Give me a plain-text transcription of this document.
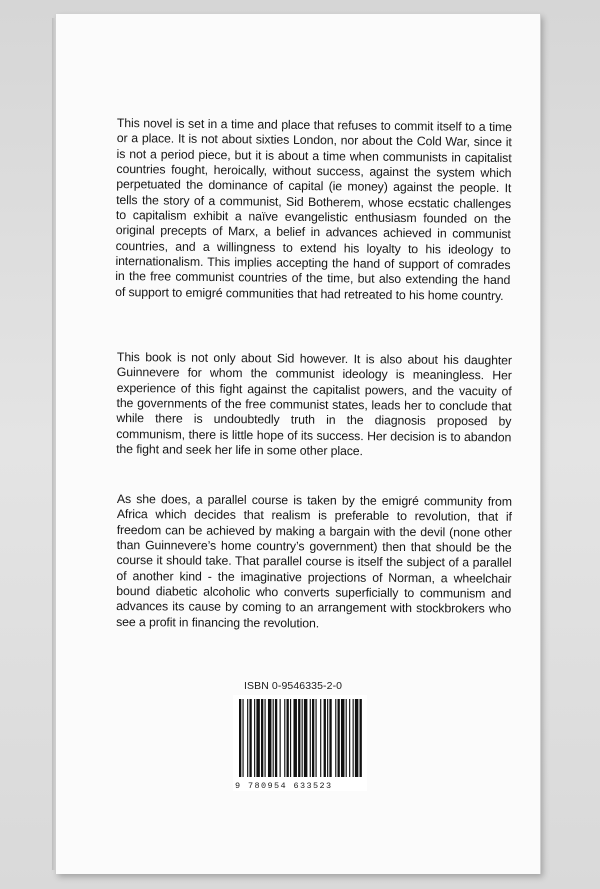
This novel is set in a time and place that refuses to commit itself to a time or a place. It is not about sixties London, nor about the Cold War, since it is not a period piece, but it is about a time when communists in capitalist countries fought, heroically, without success, against the system which perpetuated the dominance of capital (ie money) against the people. It tells the story of a communist, Sid Botherem, whose ecstatic challenges to capitalism exhibit a naïve evangelistic enthusiasm founded on the original precepts of Marx, a belief in advances achieved in communist countries, and a willingness to extend his loyalty to his ideology to internationalism. This implies accepting the hand of support of comrades in the free communist countries of the time, but also extending the hand of support to emigré communities that had retreated to his home country.

This book is not only about Sid however. It is also about his daughter Guinnevere for whom the communist ideology is meaningless. Her experience of this fight against the capitalist powers, and the vacuity of the governments of the free communist states, leads her to conclude that while there is undoubtedly truth in the diagnosis proposed by communism, there is little hope of its success. Her decision is to abandon the fight and seek her life in some other place.

As she does, a parallel course is taken by the emigré community from Africa which decides that realism is preferable to revolution, that if freedom can be achieved by making a bargain with the devil (none other than Guinnevere’s home country’s government) then that should be the course it should take. That parallel course is itself the subject of a parallel of another kind - the imaginative projections of Norman, a wheelchair bound diabetic alcoholic who converts superficially to communism and advances its cause by coming to an arrangement with stockbrokers who see a profit in financing the revolution.

ISBN 0-9546335-2-0
9 780954 633523
